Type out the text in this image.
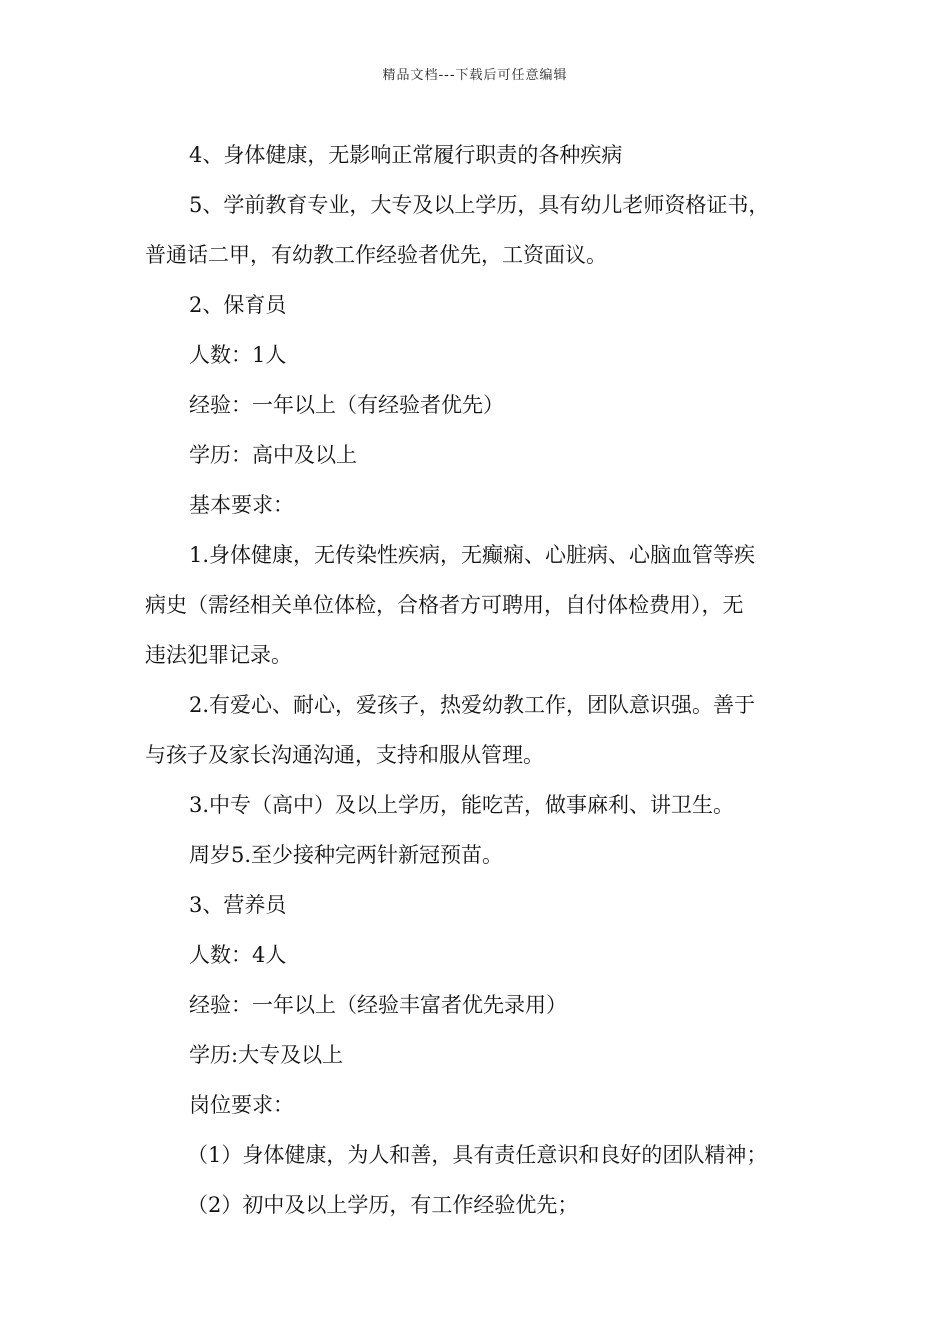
精品文档---下载后可任意编辑

4、身体健康，无影响正常履行职责的各种疾病

5、学前教育专业，大专及以上学历，具有幼儿老师资格证书，

普通话二甲，有幼教工作经验者优先，工资面议。

2、保育员

人数：1人

经验：一年以上（有经验者优先）

学历：高中及以上

基本要求：

1.身体健康，无传染性疾病，无癫痫、心脏病、心脑血管等疾

病史（需经相关单位体检，合格者方可聘用，自付体检费用），无

违法犯罪记录。

2.有爱心、耐心，爱孩子，热爱幼教工作，团队意识强。善于

与孩子及家长沟通沟通，支持和服从管理。

3.中专（高中）及以上学历，能吃苦，做事麻利、讲卫生。

周岁5.至少接种完两针新冠预苗。

3、营养员

人数：4人

经验：一年以上（经验丰富者优先录用）

学历:大专及以上

岗位要求：

（1）身体健康，为人和善，具有责任意识和良好的团队精神；

（2）初中及以上学历，有工作经验优先；
